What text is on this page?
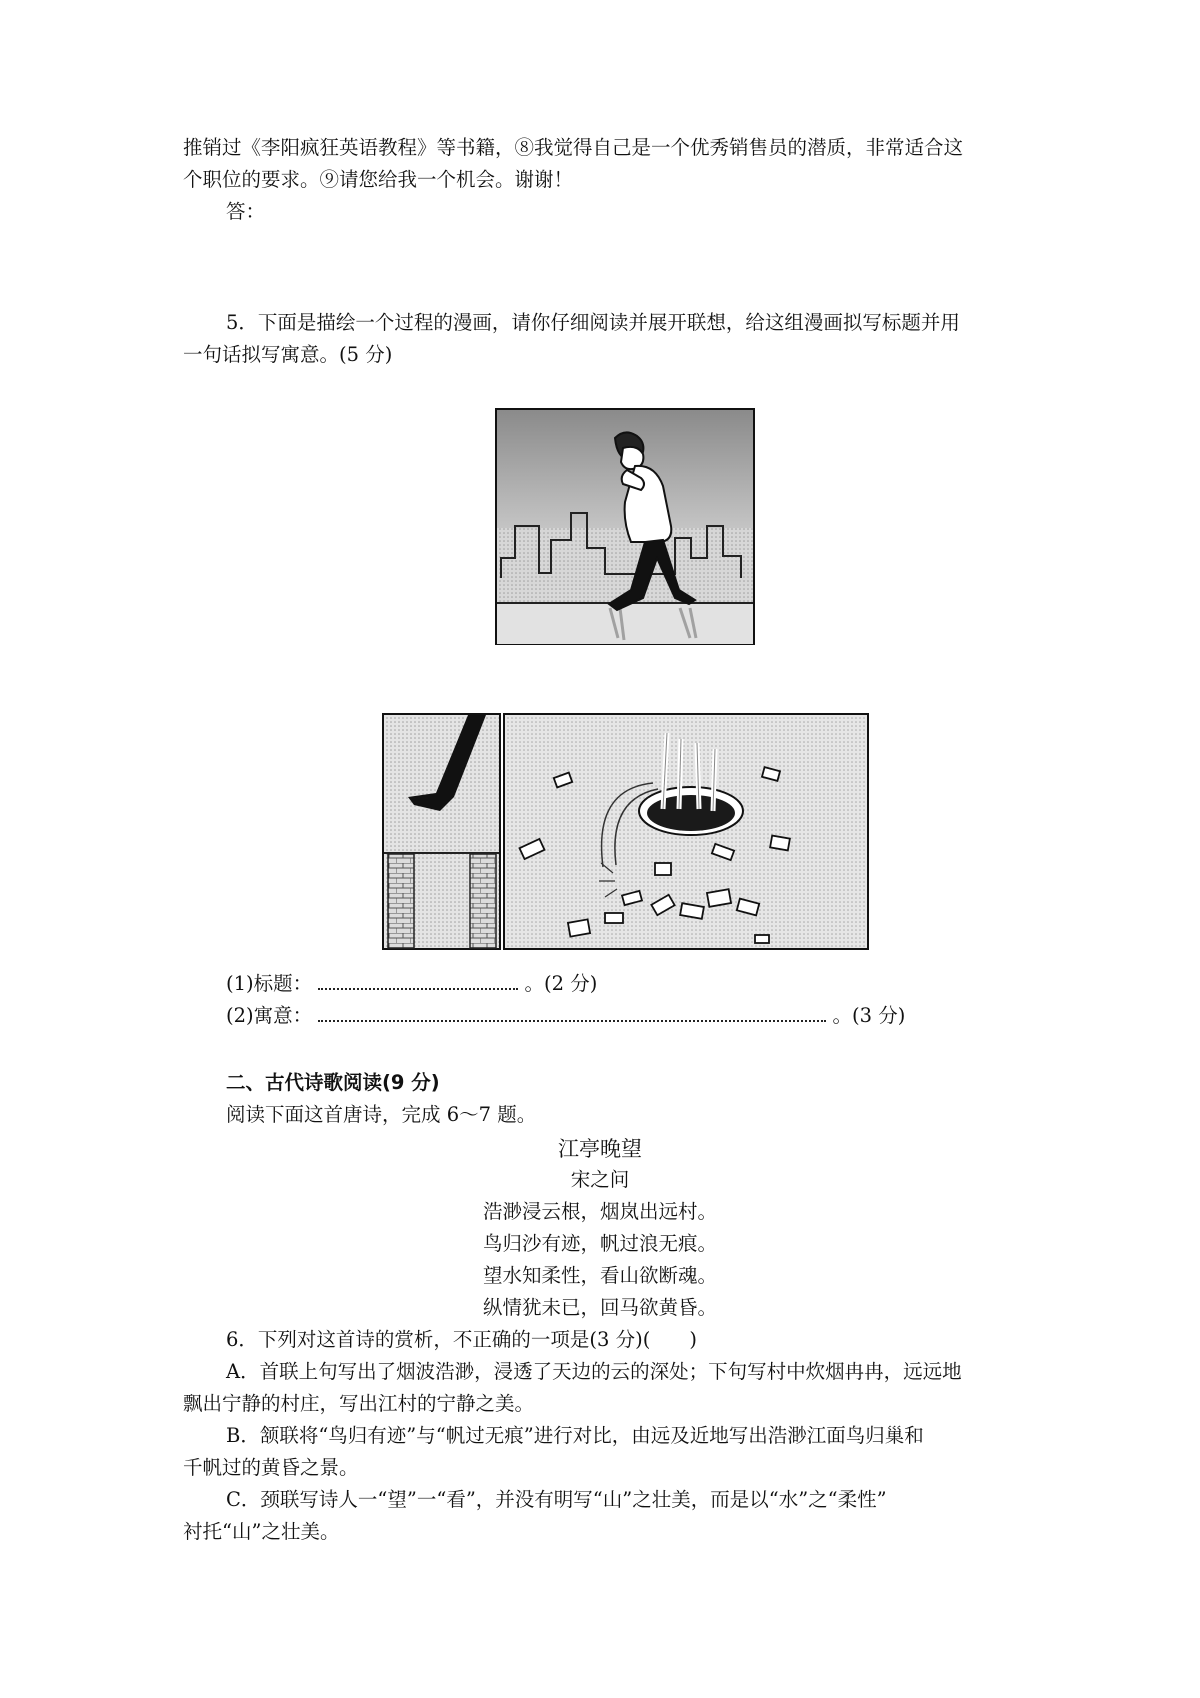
推销过《李阳疯狂英语教程》等书籍，⑧我觉得自己是一个优秀销售员的潜质，非常适合这
个职位的要求。⑨请您给我一个机会。谢谢！
答：
5．下面是描绘一个过程的漫画，请你仔细阅读并展开联想，给这组漫画拟写标题并用
一句话拟写寓意。(5 分)
(1)标题：	。(2 分)
(2)寓意：	。(3 分)
二、古代诗歌阅读(9 分)
阅读下面这首唐诗，完成 6～7 题。
江亭晚望
宋之问
浩渺浸云根，烟岚出远村。
鸟归沙有迹，帆过浪无痕。
望水知柔性，看山欲断魂。
纵情犹未已，回马欲黄昏。
6．下列对这首诗的赏析，不正确的一项是(3 分)(　　)
A．首联上句写出了烟波浩渺，浸透了天边的云的深处；下句写村中炊烟冉冉，远远地
飘出宁静的村庄，写出江村的宁静之美。
B．颔联将“鸟归有迹”与“帆过无痕”进行对比，由远及近地写出浩渺江面鸟归巢和
千帆过的黄昏之景。
C．颈联写诗人一“望”一“看”，并没有明写“山”之壮美，而是以“水”之“柔性”
衬托“山”之壮美。
